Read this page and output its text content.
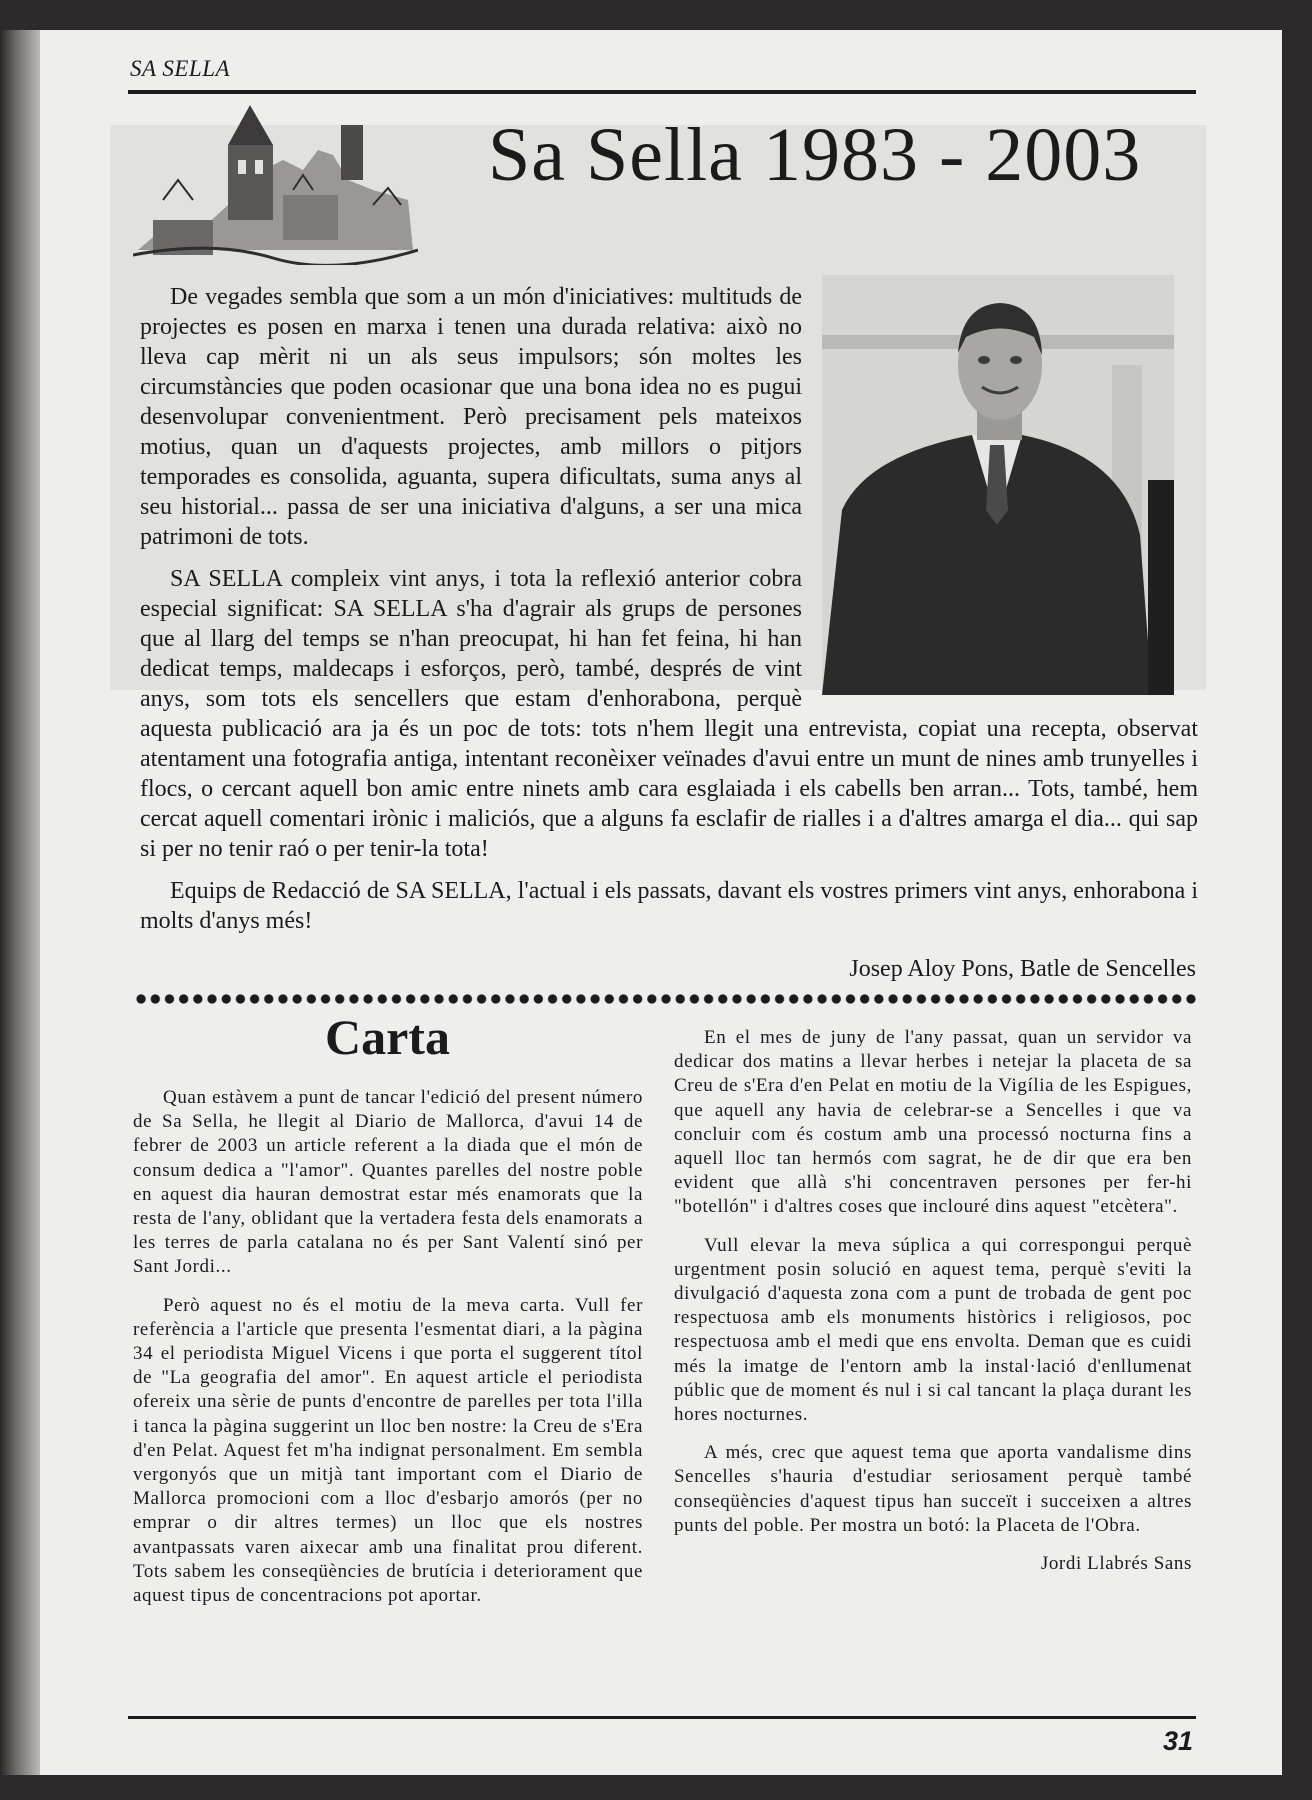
SA SELLA
Sa Sella 1983 - 2003

De vegades sembla que som a un món d'iniciatives: multituds de projectes es posen en marxa i tenen una durada relativa: això no lleva cap mèrit ni un als seus impulsors; són moltes les circumstàncies que poden ocasionar que una bona idea no es pugui desenvolupar convenientment. Però precisament pels mateixos motius, quan un d'aquests projectes, amb millors o pitjors temporades es consolida, aguanta, supera dificultats, suma anys al seu historial... passa de ser una iniciativa d'alguns, a ser una mica patrimoni de tots.

SA SELLA compleix vint anys, i tota la reflexió anterior cobra especial significat: SA SELLA s'ha d'agrair als grups de persones que al llarg del temps se n'han preocupat, hi han fet feina, hi han dedicat temps, maldecaps i esforços, però, també, després de vint anys, som tots els sencellers que estam d'enhorabona, perquè aquesta publicació ara ja és un poc de tots: tots n'hem llegit una entrevista, copiat una recepta, observat atentament una fotografia antiga, intentant reconèixer veïnades d'avui entre un munt de nines amb trunyelles i flocs, o cercant aquell bon amic entre ninets amb cara esglaiada i els cabells ben arran... Tots, també, hem cercat aquell comentari irònic i maliciós, que a alguns fa esclafir de rialles i a d'altres amarga el dia... qui sap si per no tenir raó o per tenir-la tota!

Equips de Redacció de SA SELLA, l'actual i els passats, davant els vostres primers vint anys, enhorabona i molts d'anys més!

Josep Aloy Pons, Batle de Sencelles
Carta

Quan estàvem a punt de tancar l'edició del present número de Sa Sella, he llegit al Diario de Mallorca, d'avui 14 de febrer de 2003 un article referent a la diada que el món de consum dedica a "l'amor". Quantes parelles del nostre poble en aquest dia hauran demostrat estar més enamorats que la resta de l'any, oblidant que la vertadera festa dels enamorats a les terres de parla catalana no és per Sant Valentí sinó per Sant Jordi...

Però aquest no és el motiu de la meva carta. Vull fer referència a l'article que presenta l'esmentat diari, a la pàgina 34 el periodista Miguel Vicens i que porta el suggerent títol de "La geografia del amor". En aquest article el periodista ofereix una sèrie de punts d'encontre de parelles per tota l'illa i tanca la pàgina suggerint un lloc ben nostre: la Creu de s'Era d'en Pelat. Aquest fet m'ha indignat personalment. Em sembla vergonyós que un mitjà tant important com el Diario de Mallorca promocioni com a lloc d'esbarjo amorós (per no emprar o dir altres termes) un lloc que els nostres avantpassats varen aixecar amb una finalitat prou diferent. Tots sabem les conseqüències de brutícia i deteriorament que aquest tipus de concentracions pot aportar.

En el mes de juny de l'any passat, quan un servidor va dedicar dos matins a llevar herbes i netejar la placeta de sa Creu de s'Era d'en Pelat en motiu de la Vigília de les Espigues, que aquell any havia de celebrar-se a Sencelles i que va concluir com és costum amb una processó nocturna fins a aquell lloc tan hermós com sagrat, he de dir que era ben evident que allà s'hi concentraven persones per fer-hi "botellón" i d'altres coses que inclouré dins aquest "etcètera".

Vull elevar la meva súplica a qui correspongui perquè urgentment posin solució en aquest tema, perquè s'eviti la divulgació d'aquesta zona com a punt de trobada de gent poc respectuosa amb els monuments històrics i religiosos, poc respectuosa amb el medi que ens envolta. Deman que es cuidi més la imatge de l'entorn amb la instal·lació d'enllumenat públic que de moment és nul i si cal tancant la plaça durant les hores nocturnes.

A més, crec que aquest tema que aporta vandalisme dins Sencelles s'hauria d'estudiar seriosament perquè també conseqüències d'aquest tipus han succeït i succeixen a altres punts del poble. Per mostra un botó: la Placeta de l'Obra.

Jordi Llabrés Sans
31
